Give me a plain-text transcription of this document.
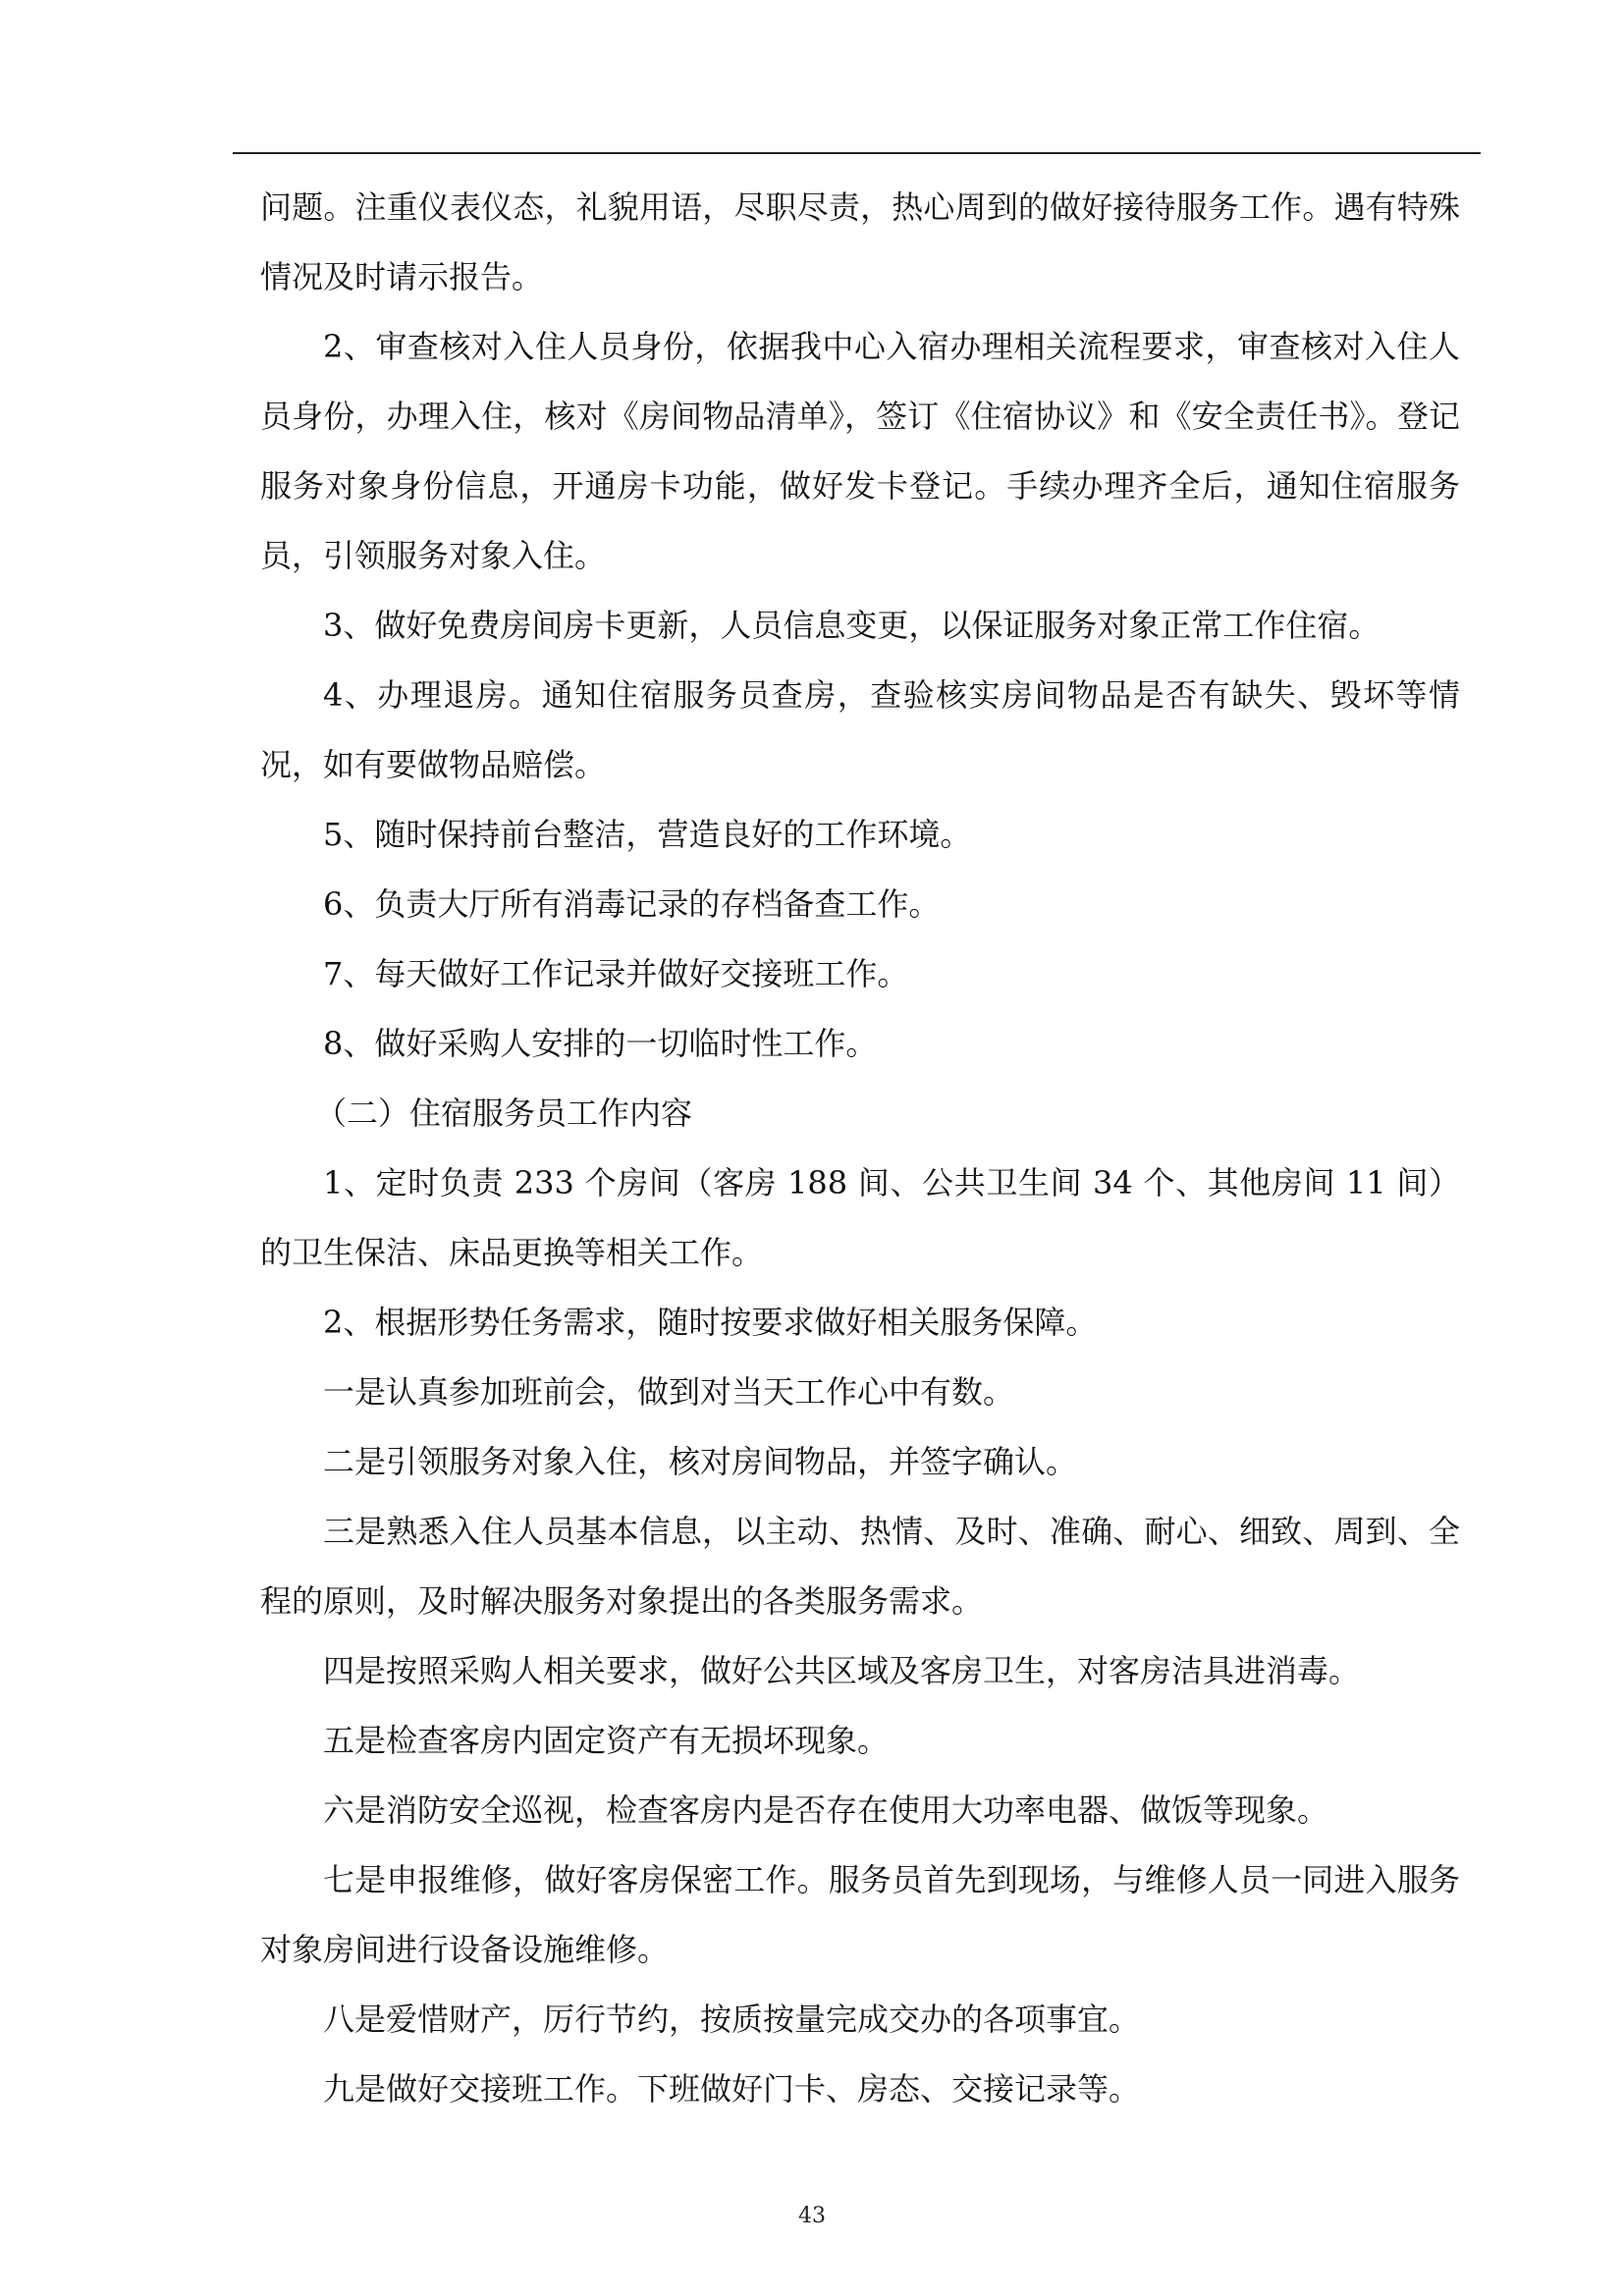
问题。注重仪表仪态，礼貌用语，尽职尽责，热心周到的做好接待服务工作。遇有特殊情况及时请示报告。

2、审查核对入住人员身份，依据我中心入宿办理相关流程要求，审查核对入住人员身份，办理入住，核对《房间物品清单》，签订《住宿协议》和《安全责任书》。登记服务对象身份信息，开通房卡功能，做好发卡登记。手续办理齐全后，通知住宿服务员，引领服务对象入住。

3、做好免费房间房卡更新，人员信息变更，以保证服务对象正常工作住宿。

4、办理退房。通知住宿服务员查房，查验核实房间物品是否有缺失、毁坏等情况，如有要做物品赔偿。

5、随时保持前台整洁，营造良好的工作环境。

6、负责大厅所有消毒记录的存档备查工作。

7、每天做好工作记录并做好交接班工作。

8、做好采购人安排的一切临时性工作。

（二）住宿服务员工作内容

1、定时负责 233 个房间（客房 188 间、公共卫生间 34 个、其他房间 11 间）的卫生保洁、床品更换等相关工作。

2、根据形势任务需求，随时按要求做好相关服务保障。

一是认真参加班前会，做到对当天工作心中有数。

二是引领服务对象入住，核对房间物品，并签字确认。

三是熟悉入住人员基本信息，以主动、热情、及时、准确、耐心、细致、周到、全程的原则，及时解决服务对象提出的各类服务需求。

四是按照采购人相关要求，做好公共区域及客房卫生，对客房洁具进消毒。

五是检查客房内固定资产有无损坏现象。

六是消防安全巡视，检查客房内是否存在使用大功率电器、做饭等现象。

七是申报维修，做好客房保密工作。服务员首先到现场，与维修人员一同进入服务对象房间进行设备设施维修。

八是爱惜财产，厉行节约，按质按量完成交办的各项事宜。

九是做好交接班工作。下班做好门卡、房态、交接记录等。

43
